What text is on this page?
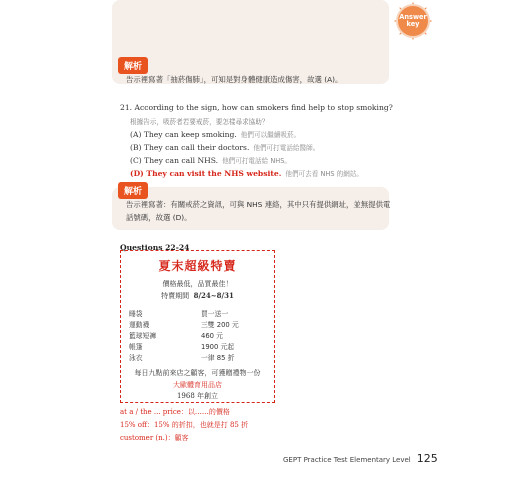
解析
告示裡寫著「抽菸傷肺」，可知是對身體健康造成傷害，故選 (A)。
Answer
key
21. According to the sign, how can smokers find help to stop smoking?
根據告示，吸菸者若要戒菸，要怎樣尋求協助？
(A) They can keep smoking. 他們可以繼續吸菸。
(B) They can call their doctors. 他們可打電話給醫師。
(C) They can call NHS. 他們可打電話給 NHS。
(D) They can visit the NHS website. 他們可去看 NHS 的網站。
解析
告示裡寫著：有關戒菸之資訊，可與 NHS 連絡，其中只有提供網址，並無提供電
話號碼，故選 (D)。
Questions 22-24
夏末超級特賣
價格最低，品質最佳！
特賣期間 8/24~8/31
睡袋	買一送一
運動襪	三雙 200 元
籃球短褲	460 元
帳篷	1900 元起
泳衣	一律 85 折
每日九點前來店之顧客，可獲贈禮物一份
大歐體育用品店
1968 年創立
at a / the ... price：以……的價格
15% off：15% 的折扣，也就是打 85 折
customer (n.)：顧客
GEPT Practice Test Elementary Level 125
